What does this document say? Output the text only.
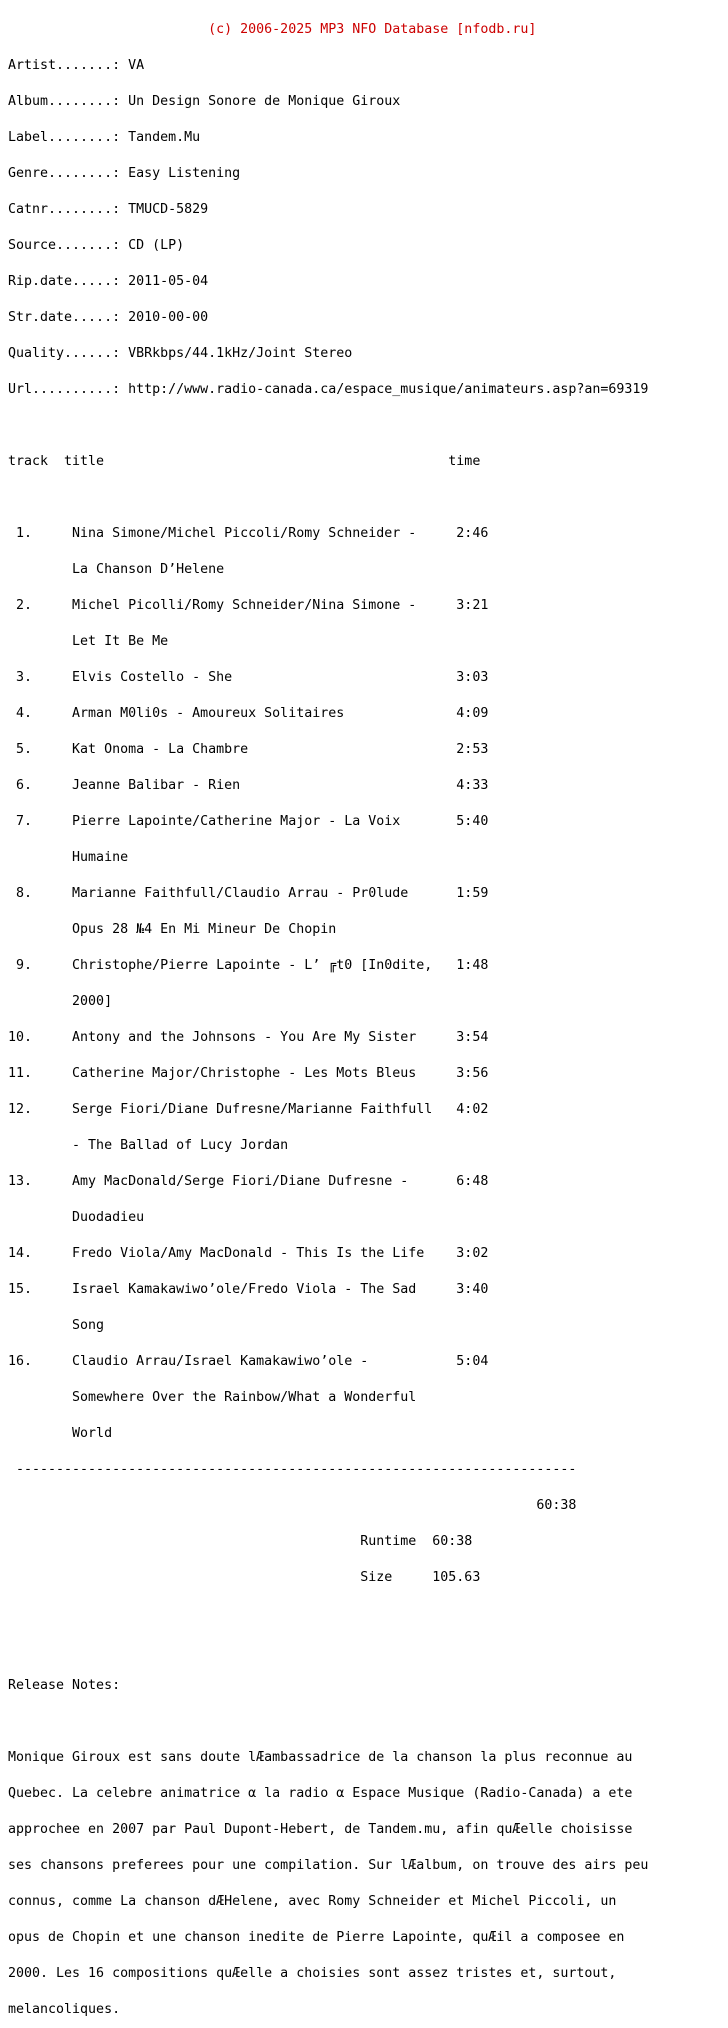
(c) 2006-2025 MP3 NFO Database [nfodb.ru]

Artist.......: VA

Album........: Un Design Sonore de Monique Giroux

Label........: Tandem.Mu

Genre........: Easy Listening

Catnr........: TMUCD-5829

Source.......: CD (LP)

Rip.date.....: 2011-05-04

Str.date.....: 2010-00-00

Quality......: VBRkbps/44.1kHz/Joint Stereo

Url..........: http://www.radio-canada.ca/espace_musique/animateurs.asp?an=69319

track  title                                           time

1.     Nina Simone/Michel Piccoli/Romy Schneider -     2:46

La Chanson D’Helene

2.     Michel Picolli/Romy Schneider/Nina Simone -     3:21

Let It Be Me

3.     Elvis Costello - She                            3:03

4.     Arman M0li0s - Amoureux Solitaires              4:09

5.     Kat Onoma - La Chambre                          2:53

6.     Jeanne Balibar - Rien                           4:33

7.     Pierre Lapointe/Catherine Major - La Voix       5:40

Humaine

8.     Marianne Faithfull/Claudio Arrau - Pr0lude      1:59

Opus 28 №4 En Mi Mineur De Chopin

9.     Christophe/Pierre Lapointe - L’ ╔t0 [In0dite,   1:48

2000]

10.     Antony and the Johnsons - You Are My Sister     3:54

11.     Catherine Major/Christophe - Les Mots Bleus     3:56

12.     Serge Fiori/Diane Dufresne/Marianne Faithfull   4:02

- The Ballad of Lucy Jordan

13.     Amy MacDonald/Serge Fiori/Diane Dufresne -      6:48

Duodadieu

14.     Fredo Viola/Amy MacDonald - This Is the Life    3:02

15.     Israel Kamakawiwo’ole/Fredo Viola - The Sad     3:40

Song

16.     Claudio Arrau/Israel Kamakawiwo’ole -           5:04

Somewhere Over the Rainbow/What a Wonderful

World

----------------------------------------------------------------------

60:38

Runtime  60:38

Size     105.63

Release Notes:

Monique Giroux est sans doute lÆambassadrice de la chanson la plus reconnue au

Quebec. La celebre animatrice α la radio α Espace Musique (Radio-Canada) a ete

approchee en 2007 par Paul Dupont-Hebert, de Tandem.mu, afin quÆelle choisisse

ses chansons preferees pour une compilation. Sur lÆalbum, on trouve des airs peu

connus, comme La chanson dÆHelene, avec Romy Schneider et Michel Piccoli, un

opus de Chopin et une chanson inedite de Pierre Lapointe, quÆil a composee en

2000. Les 16 compositions quÆelle a choisies sont assez tristes et, surtout,

melancoliques.
